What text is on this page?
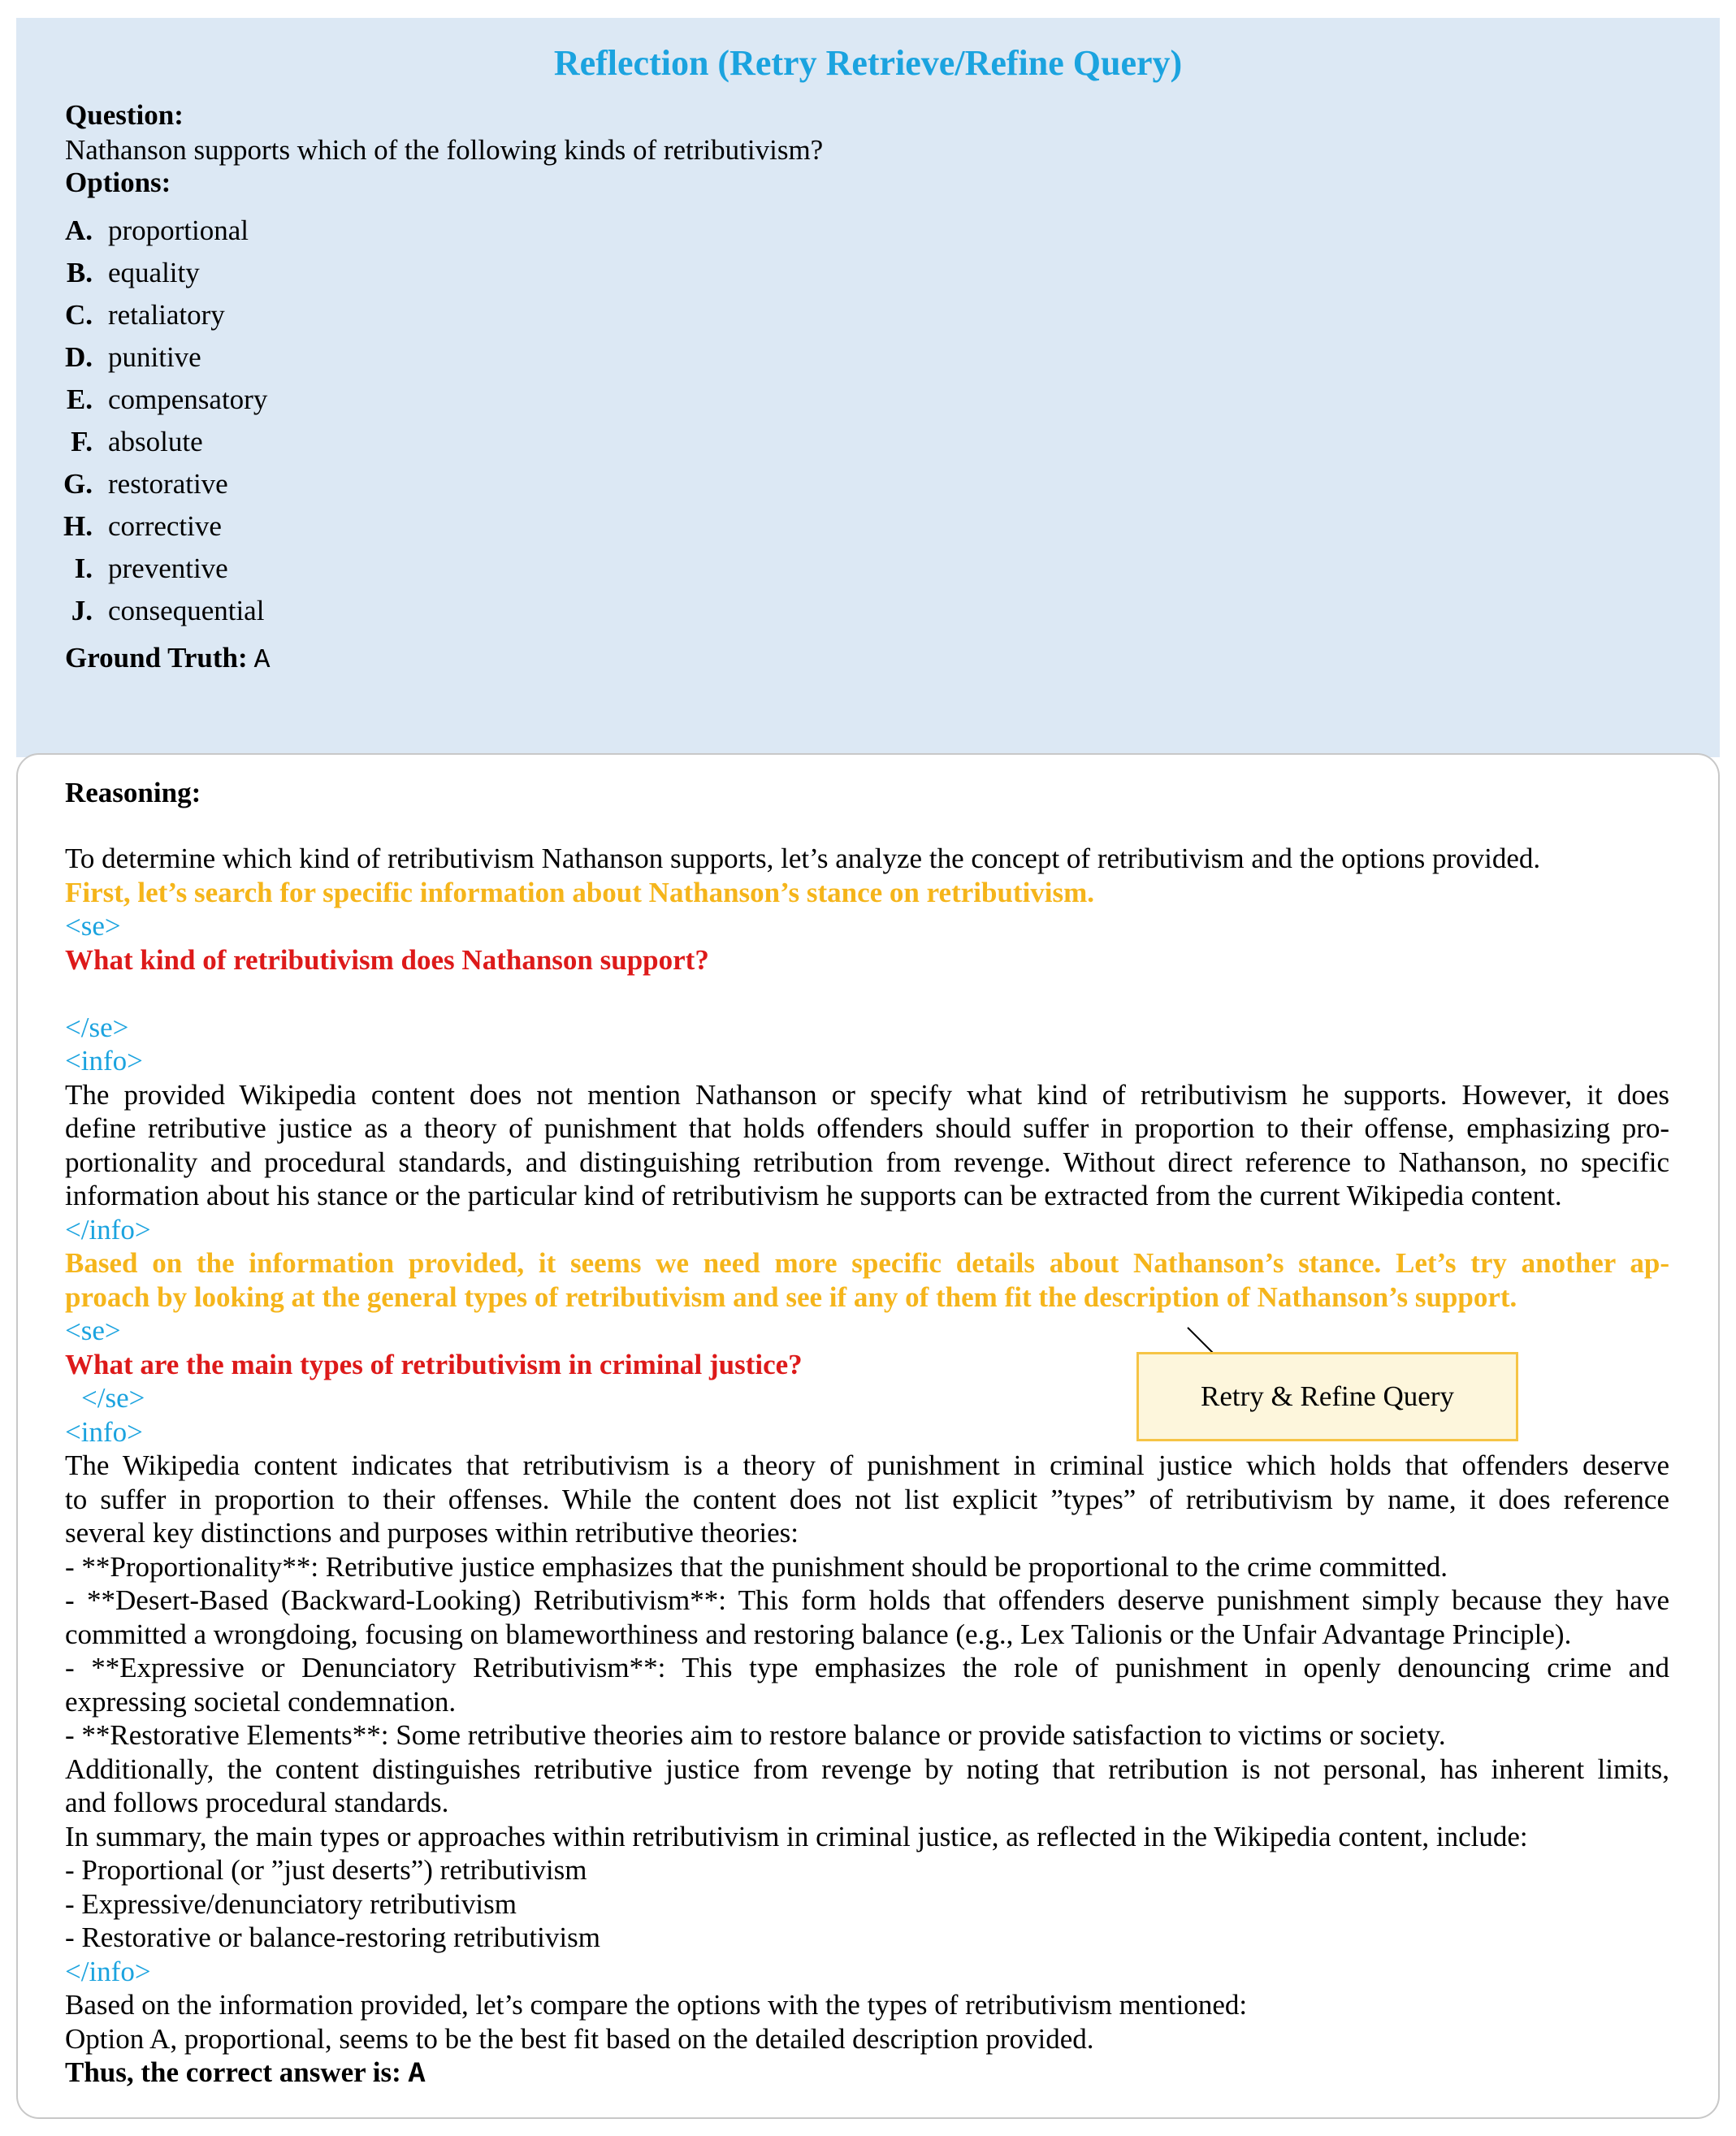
Reflection (Retry Retrieve/Refine Query)
Question:
Nathanson supports which of the following kinds of retributivism?
Options:
A. proportional
B. equality
C. retaliatory
D. punitive
E. compensatory
F. absolute
G. restorative
H. corrective
I. preventive
J. consequential
Ground Truth: A
Reasoning:
To determine which kind of retributivism Nathanson supports, let’s analyze the concept of retributivism and the options provided.
First, let’s search for specific information about Nathanson’s stance on retributivism.
<se>
What kind of retributivism does Nathanson support?
</se>
<info>
The provided Wikipedia content does not mention Nathanson or specify what kind of retributivism he supports. However, it does
define retributive justice as a theory of punishment that holds offenders should suffer in proportion to their offense, emphasizing pro-
portionality and procedural standards, and distinguishing retribution from revenge. Without direct reference to Nathanson, no specific
information about his stance or the particular kind of retributivism he supports can be extracted from the current Wikipedia content.
</info>
Based on the information provided, it seems we need more specific details about Nathanson’s stance. Let’s try another ap-
proach by looking at the general types of retributivism and see if any of them fit the description of Nathanson’s support.
<se>
What are the main types of retributivism in criminal justice?
</se>
<info>
The Wikipedia content indicates that retributivism is a theory of punishment in criminal justice which holds that offenders deserve
to suffer in proportion to their offenses. While the content does not list explicit ”types” of retributivism by name, it does reference
several key distinctions and purposes within retributive theories:
- **Proportionality**: Retributive justice emphasizes that the punishment should be proportional to the crime committed.
- **Desert-Based (Backward-Looking) Retributivism**: This form holds that offenders deserve punishment simply because they have
committed a wrongdoing, focusing on blameworthiness and restoring balance (e.g., Lex Talionis or the Unfair Advantage Principle).
- **Expressive or Denunciatory Retributivism**: This type emphasizes the role of punishment in openly denouncing crime and
expressing societal condemnation.
- **Restorative Elements**: Some retributive theories aim to restore balance or provide satisfaction to victims or society.
Additionally, the content distinguishes retributive justice from revenge by noting that retribution is not personal, has inherent limits,
and follows procedural standards.
In summary, the main types or approaches within retributivism in criminal justice, as reflected in the Wikipedia content, include:
- Proportional (or ”just deserts”) retributivism
- Expressive/denunciatory retributivism
- Restorative or balance-restoring retributivism
</info>
Based on the information provided, let’s compare the options with the types of retributivism mentioned:
Option A, proportional, seems to be the best fit based on the detailed description provided.
Thus, the correct answer is: A
Retry & Refine Query
